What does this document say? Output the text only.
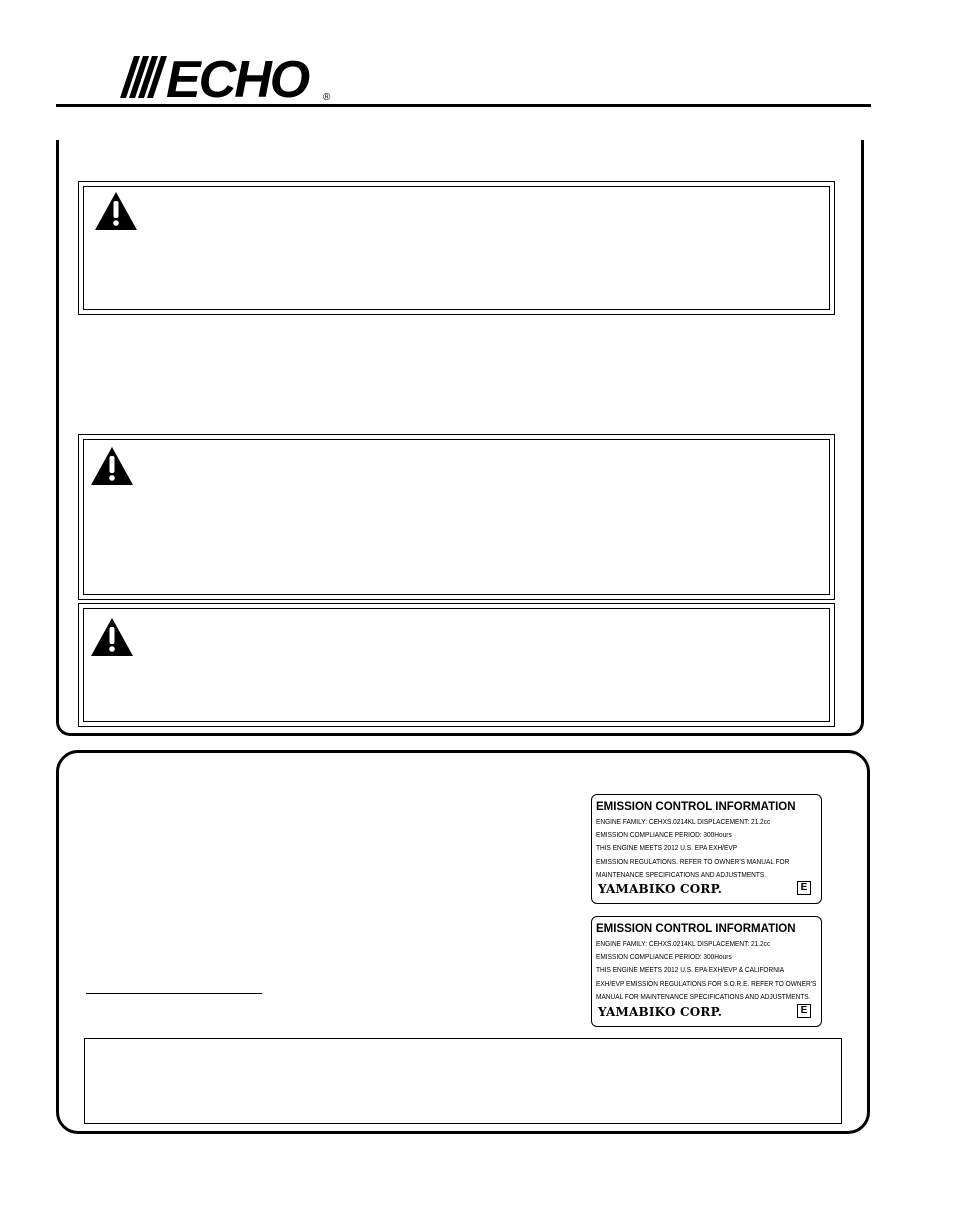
ECHO ®
EMISSION CONTROL INFORMATION
ENGINE FAMILY: CEHXS.0214KL DISPLACEMENT: 21.2cc
EMISSION COMPLIANCE PERIOD: 300Hours
THIS ENGINE MEETS 2012 U.S. EPA EXH/EVP
EMISSION REGULATIONS. REFER TO OWNER'S MANUAL FOR
MAINTENANCE SPECIFICATIONS AND ADJUSTMENTS.
YAMABIKO CORP.	E
EMISSION CONTROL INFORMATION
ENGINE FAMILY: CEHXS.0214KL DISPLACEMENT: 21.2cc
EMISSION COMPLIANCE PERIOD: 300Hours
THIS ENGINE MEETS 2012 U.S. EPA EXH/EVP & CALIFORNIA
EXH/EVP EMISSION REGULATIONS FOR S.O.R.E. REFER TO OWNER'S
MANUAL FOR MAINTENANCE SPECIFICATIONS AND ADJUSTMENTS.
YAMABIKO CORP.	E
